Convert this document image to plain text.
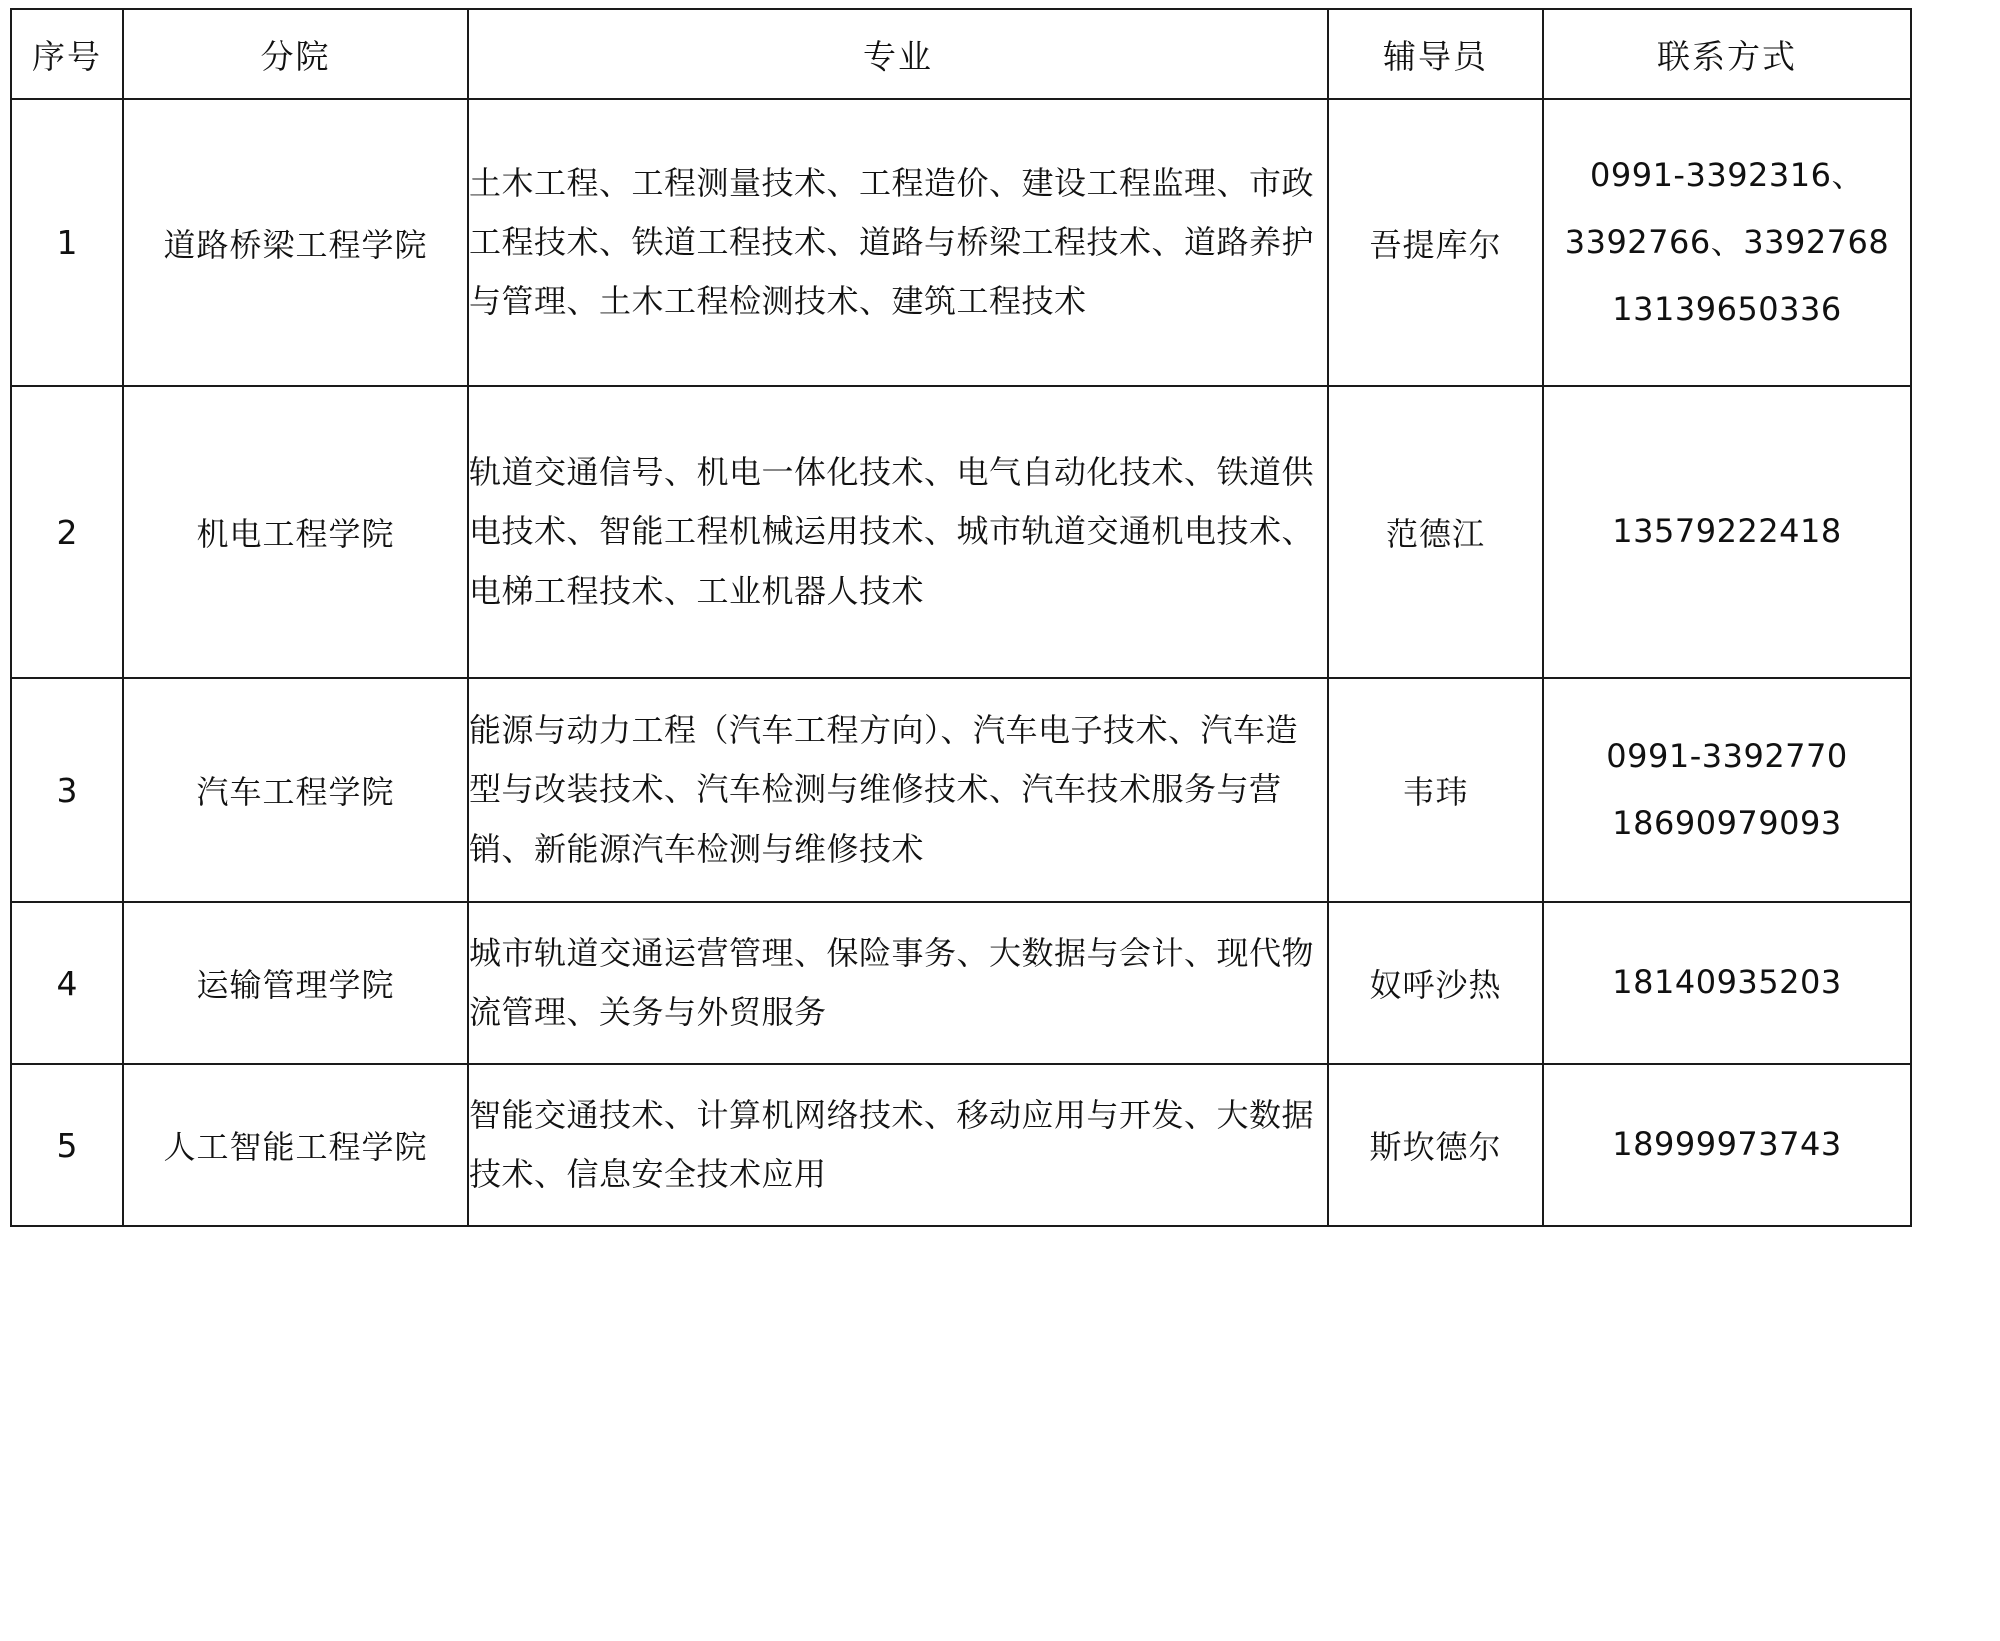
序号	分院	专业	辅导员	联系方式
1	道路桥梁工程学院	土木工程、工程测量技术、工程造价、建设工程监理、市政工程技术、铁道工程技术、道路与桥梁工程技术、道路养护与管理、土木工程检测技术、建筑工程技术	吾提库尔	0991-3392316、
3392766、3392768
13139650336

2	机电工程学院	轨道交通信号、机电一体化技术、电气自动化技术、铁道供电技术、智能工程机械运用技术、城市轨道交通机电技术、电梯工程技术、工业机器人技术	范德江	13579222418

3	汽车工程学院	能源与动力工程（汽车工程方向）、汽车电子技术、汽车造型与改装技术、汽车检测与维修技术、汽车技术服务与营销、新能源汽车检测与维修技术	韦玮	0991-3392770
18690979093

4	运输管理学院	城市轨道交通运营管理、保险事务、大数据与会计、现代物流管理、关务与外贸服务	奴呼沙热	18140935203

5	人工智能工程学院	智能交通技术、计算机网络技术、移动应用与开发、大数据技术、信息安全技术应用	斯坎德尔	18999973743
